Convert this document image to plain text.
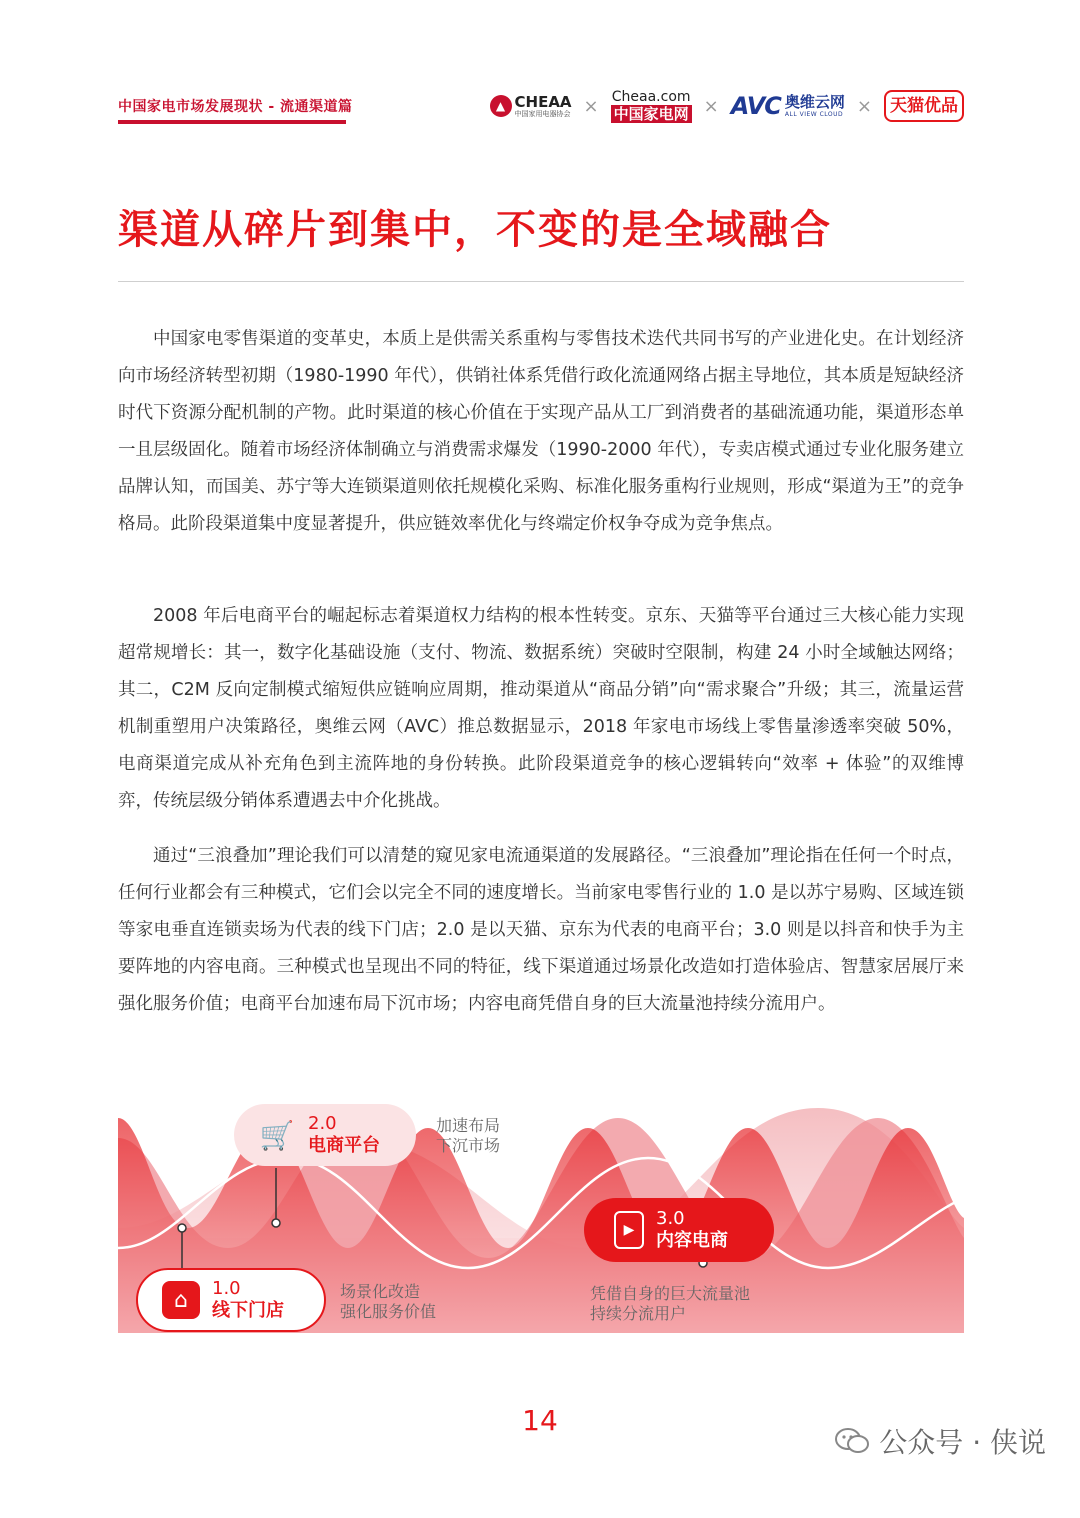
中国家电市场发展现状 - 流通渠道篇	▲ CHEAA
中国家用电器协会 × Cheaa.com
中国家电网 × AVC 奥维云网
ALL VIEW CLOUD ×	天猫优品
渠道从碎片到集中，不变的是全域融合

中国家电零售渠道的变革史，本质上是供需关系重构与零售技术迭代共同书写的产业进化史。在计划经济向市场经济转型初期（1980-1990 年代），供销社体系凭借行政化流通网络占据主导地位，其本质是短缺经济时代下资源分配机制的产物。此时渠道的核心价值在于实现产品从工厂到消费者的基础流通功能，渠道形态单一且层级固化。随着市场经济体制确立与消费需求爆发（1990-2000 年代），专卖店模式通过专业化服务建立品牌认知，而国美、苏宁等大连锁渠道则依托规模化采购、标准化服务重构行业规则，形成“渠道为王”的竞争格局。此阶段渠道集中度显著提升，供应链效率优化与终端定价权争夺成为竞争焦点。

2008 年后电商平台的崛起标志着渠道权力结构的根本性转变。京东、天猫等平台通过三大核心能力实现超常规增长：其一，数字化基础设施（支付、物流、数据系统）突破时空限制，构建 24 小时全域触达网络；其二，C2M 反向定制模式缩短供应链响应周期，推动渠道从“商品分销”向“需求聚合”升级；其三，流量运营机制重塑用户决策路径，奥维云网（AVC）推总数据显示，2018 年家电市场线上零售量渗透率突破 50%，电商渠道完成从补充角色到主流阵地的身份转换。此阶段渠道竞争的核心逻辑转向“效率 + 体验”的双维博弈，传统层级分销体系遭遇去中介化挑战。

通过“三浪叠加”理论我们可以清楚的窥见家电流通渠道的发展路径。“三浪叠加”理论指在任何一个时点，任何行业都会有三种模式，它们会以完全不同的速度增长。当前家电零售行业的 1.0 是以苏宁易购、区域连锁等家电垂直连锁卖场为代表的线下门店；2.0 是以天猫、京东为代表的电商平台；3.0 则是以抖音和快手为主要阵地的内容电商。三种模式也呈现出不同的特征，线下渠道通过场景化改造如打造体验店、智慧家居展厅来强化服务价值；电商平台加速布局下沉市场；内容电商凭借自身的巨大流量池持续分流用户。

🛒 2.0
电商平台
⌂	1.0
线下门店
▶
3.0
内容电商
加速布局
下沉市场
场景化改造
强化服务价值
凭借自身的巨大流量池
持续分流用户
14
公众号 · 侠说
